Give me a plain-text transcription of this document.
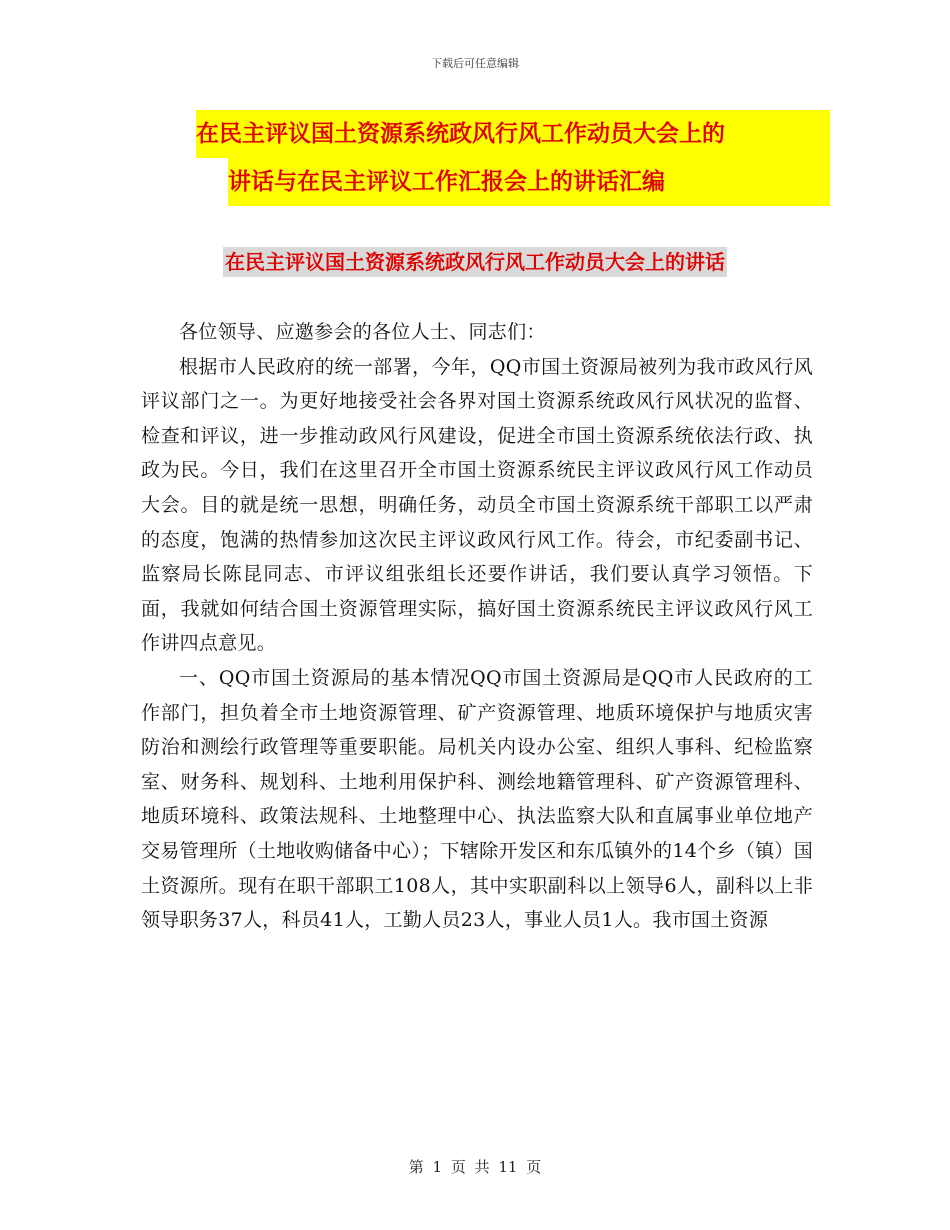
下载后可任意编辑
在民主评议国土资源系统政风行风工作动员大会上的
讲话与在民主评议工作汇报会上的讲话汇编
在民主评议国土资源系统政风行风工作动员大会上的讲话

各位领导、应邀参会的各位人士、同志们：

根据市人民政府的统一部署，今年，QQ市国土资源局被列为我市政风行风评议部门之一。为更好地接受社会各界对国土资源系统政风行风状况的监督、检查和评议，进一步推动政风行风建设，促进全市国土资源系统依法行政、执政为民。今日，我们在这里召开全市国土资源系统民主评议政风行风工作动员大会。目的就是统一思想，明确任务，动员全市国土资源系统干部职工以严肃的态度，饱满的热情参加这次民主评议政风行风工作。待会，市纪委副书记、监察局长陈昆同志、市评议组张组长还要作讲话，我们要认真学习领悟。下面，我就如何结合国土资源管理实际，搞好国土资源系统民主评议政风行风工作讲四点意见。

一、QQ市国土资源局的基本情况QQ市国土资源局是QQ市人民政府的工作部门，担负着全市土地资源管理、矿产资源管理、地质环境保护与地质灾害防治和测绘行政管理等重要职能。局机关内设办公室、组织人事科、纪检监察室、财务科、规划科、土地利用保护科、测绘地籍管理科、矿产资源管理科、地质环境科、政策法规科、土地整理中心、执法监察大队和直属事业单位地产交易管理所（土地收购储备中心）；下辖除开发区和东瓜镇外的14个乡（镇）国土资源所。现有在职干部职工108人，其中实职副科以上领导6人，副科以上非领导职务37人，科员41人，工勤人员23人，事业人员1人。我市国土资源

第 1 页 共 11 页
